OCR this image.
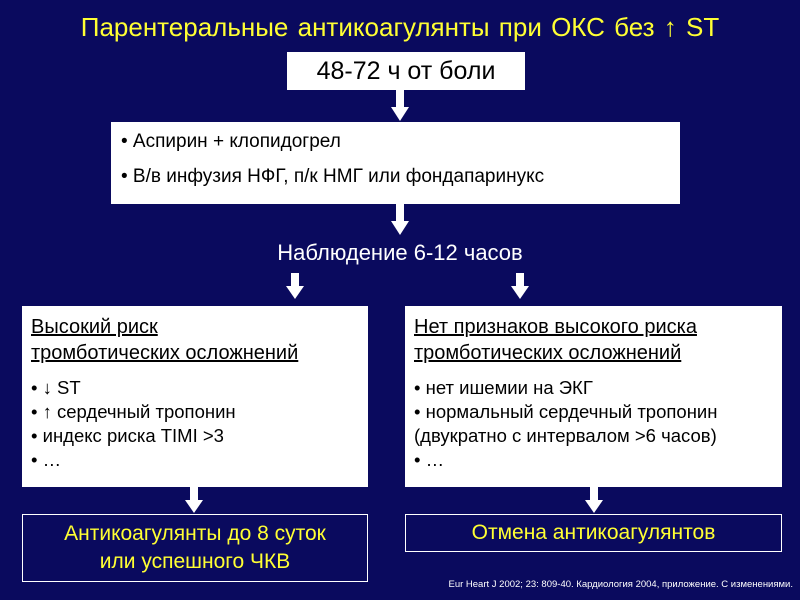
Парентеральные антикоагулянты при ОКС без ↑ ST
48-72 ч от боли
• Аспирин + клопидогрел
• В/в инфузия НФГ, п/к НМГ или фондапаринукс
Наблюдение 6-12 часов
Высокий риск
тромботических осложнений
• ↓ ST
• ↑ сердечный тропонин
• индекс риска TIMI >3
• …
Нет признаков высокого риска
тромботических осложнений
• нет ишемии на ЭКГ
• нормальный сердечный тропонин
(двукратно с интервалом >6 часов)
• …
Антикоагулянты до 8 суток
или успешного ЧКВ
Отмена антикоагулянтов
Eur Heart J 2002; 23: 809-40. Кардиология 2004, приложение. С изменениями.
